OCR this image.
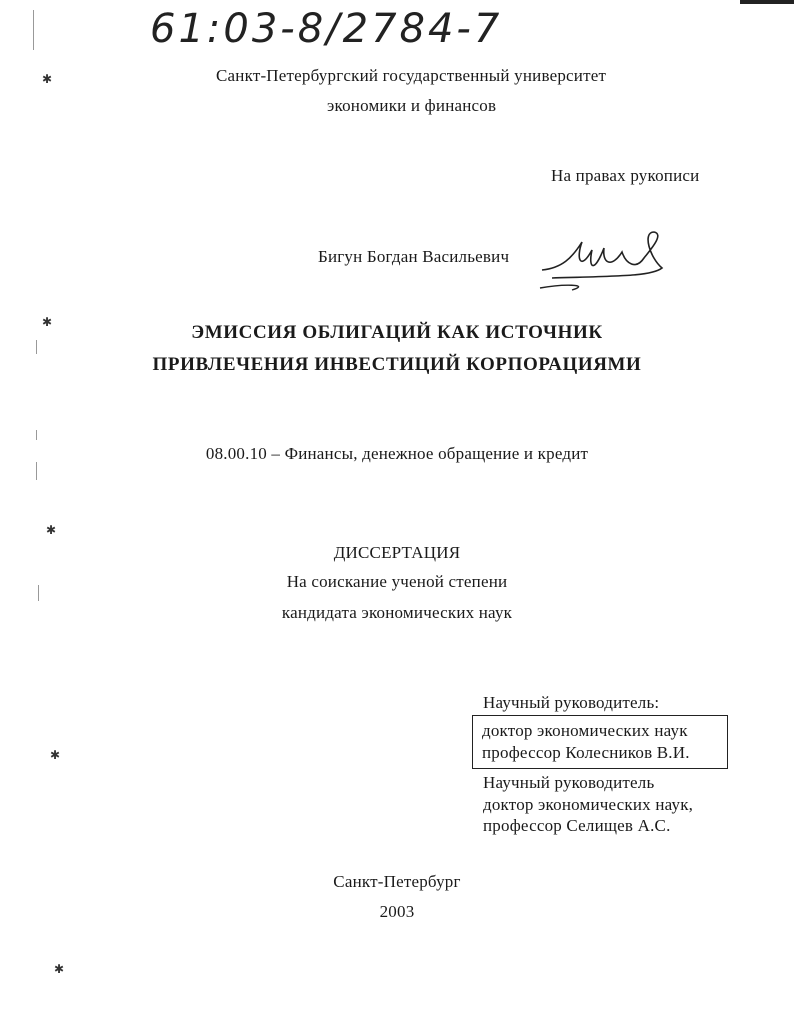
✱
✱
✱
✱
✱
61:03-8/2784-7
Санкт-Петербургский государственный университет
экономики и финансов
На правах рукописи
Бигун Богдан Васильевич
ЭМИССИЯ ОБЛИГАЦИЙ КАК ИСТОЧНИК
ПРИВЛЕЧЕНИЯ ИНВЕСТИЦИЙ КОРПОРАЦИЯМИ
08.00.10 – Финансы, денежное обращение и кредит
ДИССЕРТАЦИЯ
На соискание ученой степени
кандидата экономических наук
Научный руководитель:
доктор экономических наук
профессор Колесников В.И.
Научный руководитель
доктор экономических наук,
профессор Селищев А.С.
Санкт-Петербург
2003
